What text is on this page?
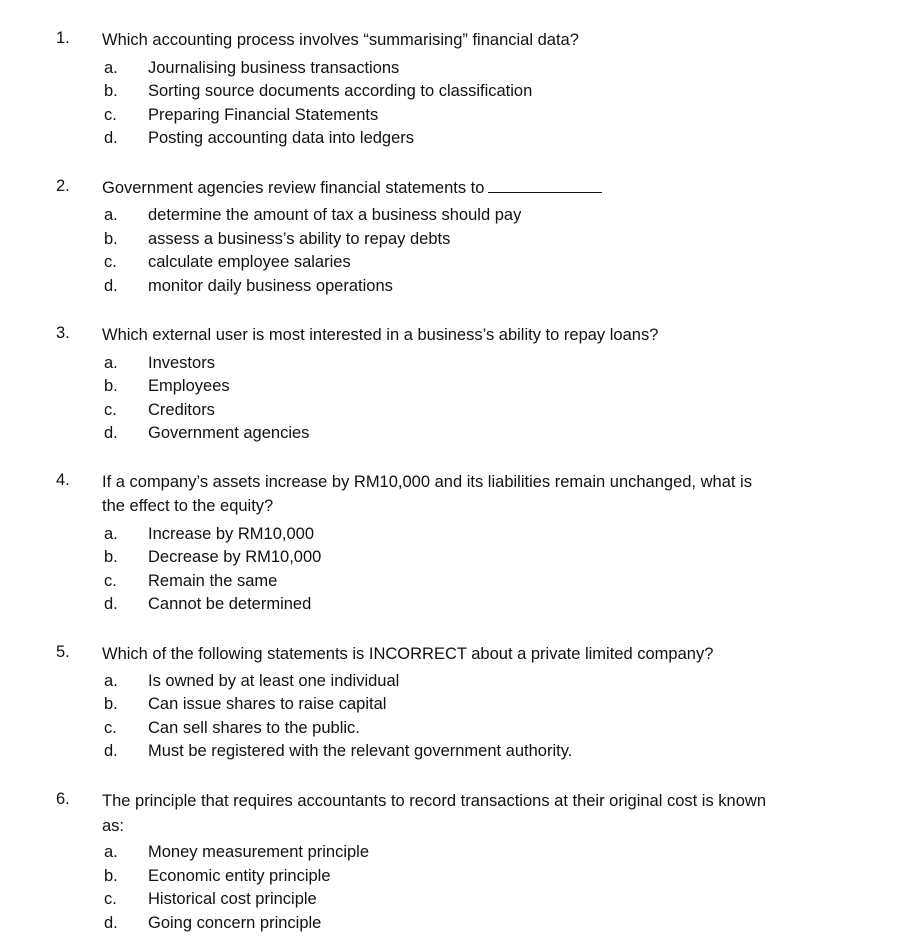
1. Which accounting process involves “summarising” financial data?
a. Journalising business transactions
b. Sorting source documents according to classification
c. Preparing Financial Statements
d. Posting accounting data into ledgers
2. Government agencies review financial statements to
a. determine the amount of tax a business should pay
b. assess a business’s ability to repay debts
c. calculate employee salaries
d. monitor daily business operations
3. Which external user is most interested in a business’s ability to repay loans?
a. Investors
b. Employees
c. Creditors
d. Government agencies
4. If a company’s assets increase by RM10,000 and its liabilities remain unchanged, what is
the effect to the equity?
a. Increase by RM10,000
b. Decrease by RM10,000
c. Remain the same
d. Cannot be determined
5. Which of the following statements is INCORRECT about a private limited company?
a. Is owned by at least one individual
b. Can issue shares to raise capital
c. Can sell shares to the public.
d. Must be registered with the relevant government authority.
6. The principle that requires accountants to record transactions at their original cost is known
as:
a. Money measurement principle
b. Economic entity principle
c. Historical cost principle
d. Going concern principle
